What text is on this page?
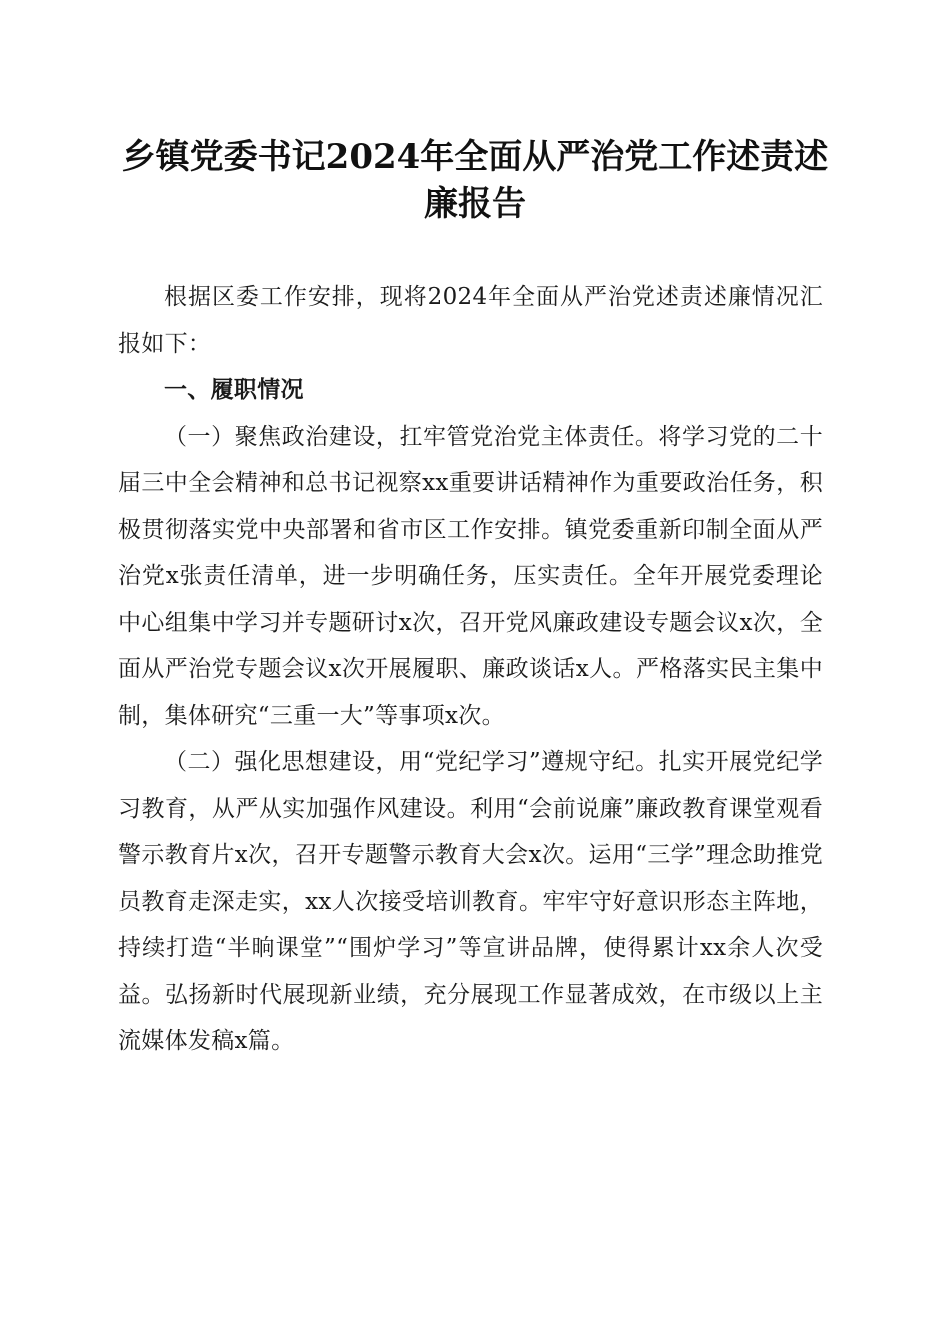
乡镇党委书记2024年全面从严治党工作述责述廉报告

根据区委工作安排，现将2024年全面从严治党述责述廉情况汇报如下：

一、履职情况

（一）聚焦政治建设，扛牢管党治党主体责任。将学习党的二十届三中全会精神和总书记视察xx重要讲话精神作为重要政治任务，积极贯彻落实党中央部署和省市区工作安排。镇党委重新印制全面从严治党x张责任清单，进一步明确任务，压实责任。全年开展党委理论中心组集中学习并专题研讨x次，召开党风廉政建设专题会议x次，全面从严治党专题会议x次开展履职、廉政谈话x人。严格落实民主集中制，集体研究“三重一大”等事项x次。

（二）强化思想建设，用“党纪学习”遵规守纪。扎实开展党纪学习教育，从严从实加强作风建设。利用“会前说廉”廉政教育课堂观看警示教育片x次，召开专题警示教育大会x次。运用“三学”理念助推党员教育走深走实，xx人次接受培训教育。牢牢守好意识形态主阵地，持续打造“半晌课堂”“围炉学习”等宣讲品牌，使得累计xx余人次受益。弘扬新时代展现新业绩，充分展现工作显著成效，在市级以上主流媒体发稿x篇。
